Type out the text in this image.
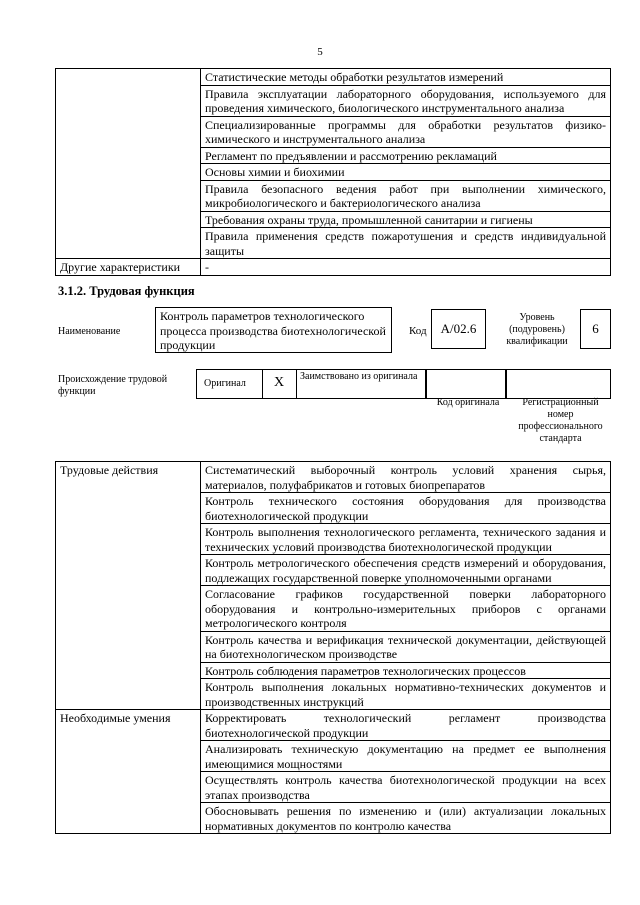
5
	Статистические методы обработки результатов измерений
	Правила эксплуатации лабораторного оборудования, используемого для проведения химического, биологического инструментального анализа
	Специализированные программы для обработки результатов физико-химического и инструментального анализа
	Регламент по предъявлении и рассмотрению рекламаций
	Основы химии и биохимии
	Правила безопасного ведения работ при выполнении химического, микробиологического и бактериологического анализа
	Требования охраны труда, промышленной санитарии и гигиены
	Правила применения средств пожаротушения и средств индивидуальной защиты
Другие характеристики	-
3.1.2. Трудовая функция
Наименование
Контроль параметров технологического процесса производства биотехнологической продукции
Код	А/02.6
Уровень (подуровень) квалификации
6
Происхождение трудовой функции
Оригинал X Заимствовано из оригинала
Код оригинала	Регистрационный номер профессионального стандарта
Трудовые действия	Систематический выборочный контроль условий хранения сырья, материалов, полуфабрикатов и готовых биопрепаратов
	Контроль технического состояния оборудования для производства биотехнологической продукции
	Контроль выполнения технологического регламента, технического задания и технических условий производства биотехнологической продукции
	Контроль метрологического обеспечения средств измерений и оборудования, подлежащих государственной поверке уполномоченными органами
	Согласование графиков государственной поверки лабораторного оборудования и контрольно-измерительных приборов с органами метрологического контроля
	Контроль качества и верификация технической документации, действующей на биотехнологическом производстве
	Контроль соблюдения параметров технологических процессов
	Контроль выполнения локальных нормативно-технических документов и производственных инструкций
Необходимые умения	Корректировать технологический регламент производства биотехнологической продукции
	Анализировать техническую документацию на предмет ее выполнения имеющимися мощностями
	Осуществлять контроль качества биотехнологической продукции на всех этапах производства
	Обосновывать решения по изменению и (или) актуализации локальных нормативных документов по контролю качества
